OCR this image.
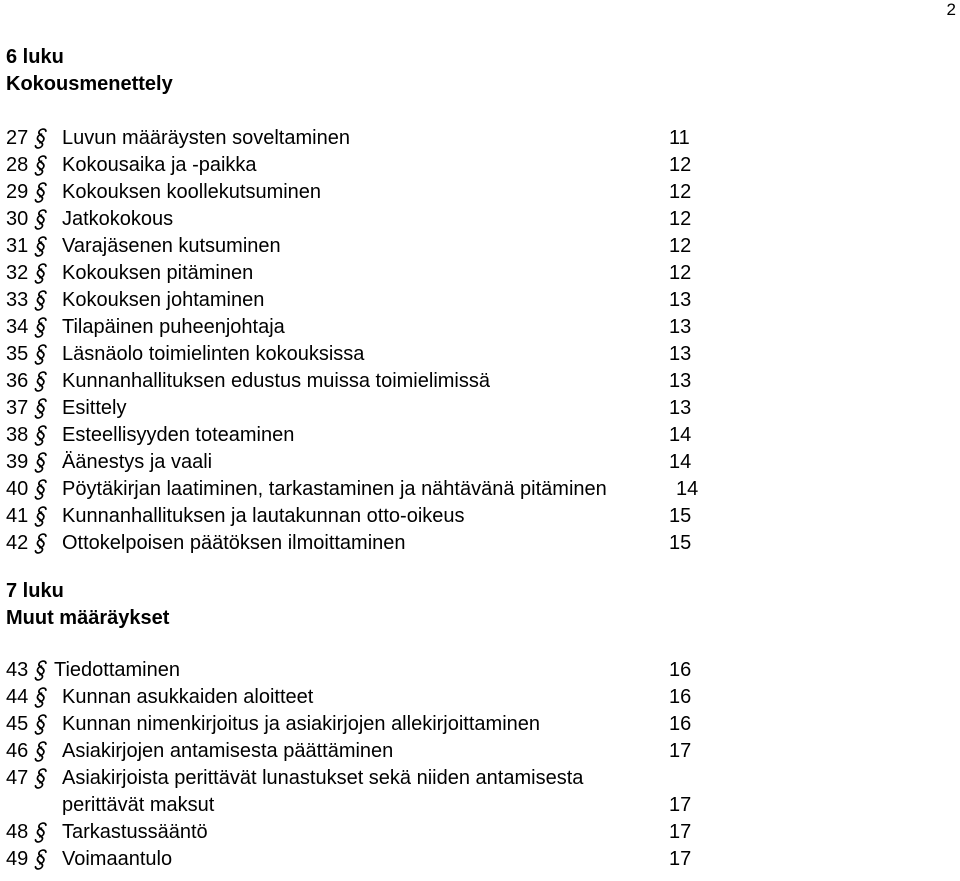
2
6 luku
Kokousmenettely
27 Luvun määräysten soveltaminen	11
28 Kokousaika ja -paikka	12
29 Kokouksen koollekutsuminen	12
30 Jatkokokous	12
31 Varajäsenen kutsuminen	12
32 Kokouksen pitäminen	12
33 Kokouksen johtaminen	13
34 Tilapäinen puheenjohtaja	13
35 Läsnäolo toimielinten kokouksissa	13
36 Kunnanhallituksen edustus muissa toimielimissä	13
37 Esittely	13
38 Esteellisyyden toteaminen	14
39 Äänestys ja vaali	14
40 Pöytäkirjan laatiminen, tarkastaminen ja nähtävänä pitäminen	14
41 Kunnanhallituksen ja lautakunnan otto-oikeus	15
42 Ottokelpoisen päätöksen ilmoittaminen	15
7 luku
Muut määräykset
43 Tiedottaminen	16
44 Kunnan asukkaiden aloitteet	16
45 Kunnan nimenkirjoitus ja asiakirjojen allekirjoittaminen	16
46 Asiakirjojen antamisesta päättäminen	17
47 Asiakirjoista perittävät lunastukset sekä niiden antamisesta
perittävät maksut	17
48 Tarkastussääntö	17
49 Voimaantulo	17
